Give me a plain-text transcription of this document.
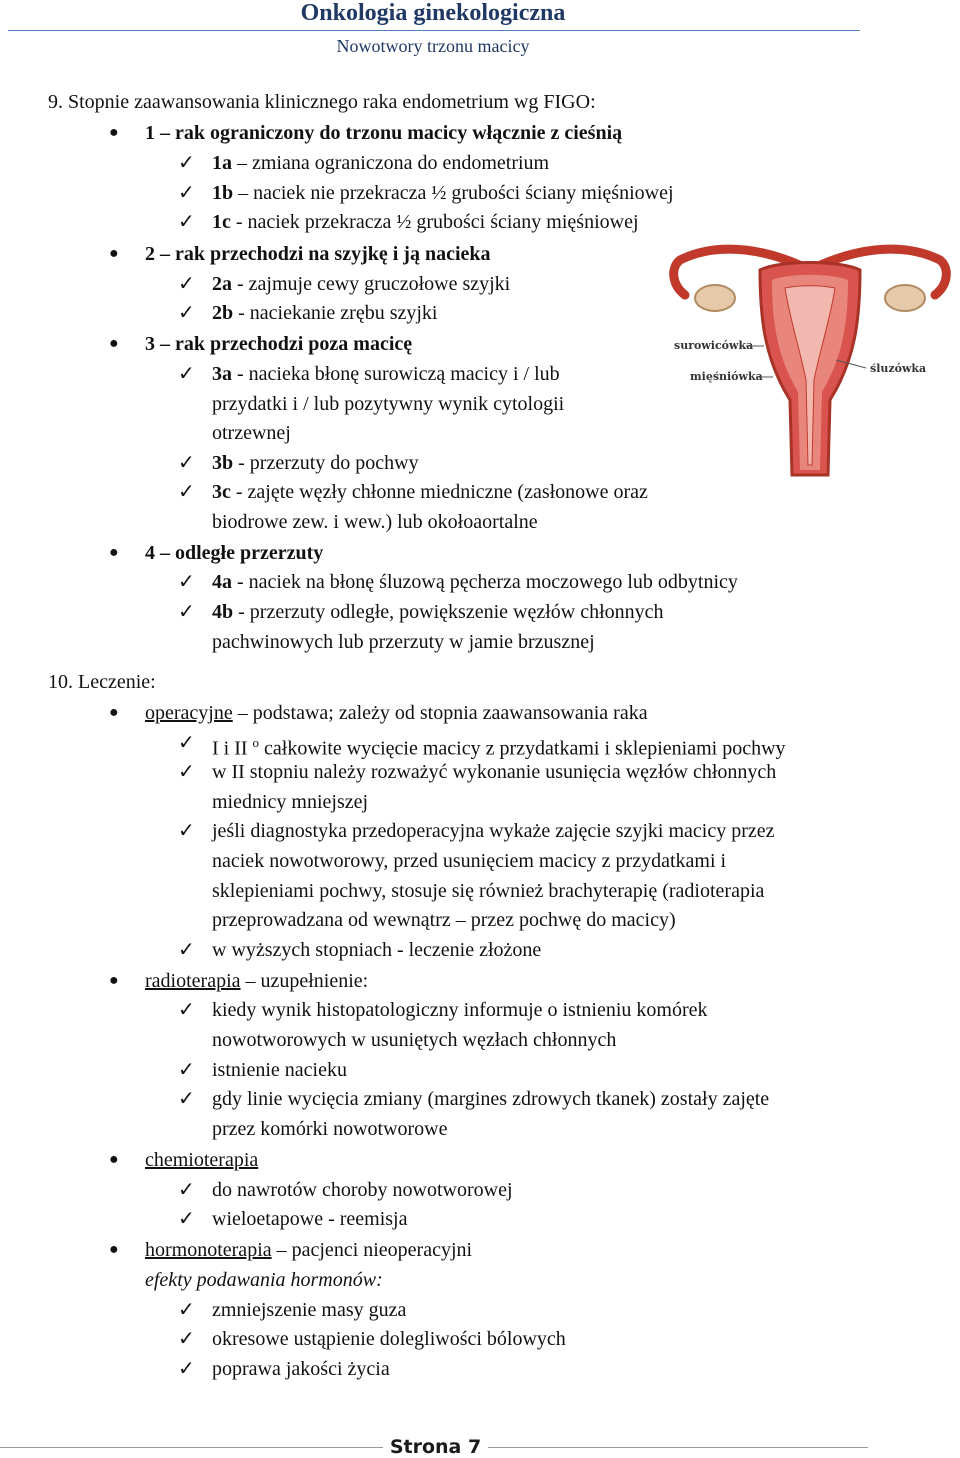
Onkologia ginekologiczna
Nowotwory trzonu macicy
9. Stopnie zaawansowania klinicznego raka endometrium wg FIGO:
● 1 – rak ograniczony do trzonu macicy włącznie z cieśnią
✓ 1a – zmiana ograniczona do endometrium
✓ 1b – naciek nie przekracza ½ grubości ściany mięśniowej
✓ 1c - naciek przekracza ½ grubości ściany mięśniowej
● 2 – rak przechodzi na szyjkę i ją nacieka
✓ 2a - zajmuje cewy gruczołowe szyjki
✓ 2b - naciekanie zrębu szyjki
● 3 – rak przechodzi poza macicę
✓ 3a - nacieka błonę surowiczą macicy i / lub
przydatki i / lub pozytywny wynik cytologii
otrzewnej
✓ 3b - przerzuty do pochwy
✓ 3c - zajęte węzły chłonne miedniczne (zasłonowe oraz
biodrowe zew. i wew.) lub okołoaortalne
● 4 – odległe przerzuty
✓ 4a - naciek na błonę śluzową pęcherza moczowego lub odbytnicy
✓ 4b - przerzuty odległe, powiększenie węzłów chłonnych
pachwinowych lub przerzuty w jamie brzusznej
surowicówka
mięśniówka
śluzówka
10. Leczenie:
● operacyjne – podstawa; zależy od stopnia zaawansowania raka
✓ I i II $^o$ całkowite wycięcie macicy z przydatkami i sklepieniami pochwy
✓ w II stopniu należy rozważyć wykonanie usunięcia węzłów chłonnych
miednicy mniejszej
✓ jeśli diagnostyka przedoperacyjna wykaże zajęcie szyjki macicy przez
naciek nowotworowy, przed usunięciem macicy z przydatkami i
sklepieniami pochwy, stosuje się również brachyterapię (radioterapia
przeprowadzana od wewnątrz – przez pochwę do macicy)
✓ w wyższych stopniach - leczenie złożone
● radioterapia – uzupełnienie:
✓ kiedy wynik histopatologiczny informuje o istnieniu komórek
nowotworowych w usuniętych węzłach chłonnych
✓ istnienie nacieku
✓ gdy linie wycięcia zmiany (margines zdrowych tkanek) zostały zajęte
przez komórki nowotworowe
● chemioterapia
✓ do nawrotów choroby nowotworowej
✓ wieloetapowe - reemisja
● hormonoterapia – pacjenci nieoperacyjni
efekty podawania hormonów:
✓ zmniejszenie masy guza
✓ okresowe ustąpienie dolegliwości bólowych
✓ poprawa jakości życia
Strona 7
